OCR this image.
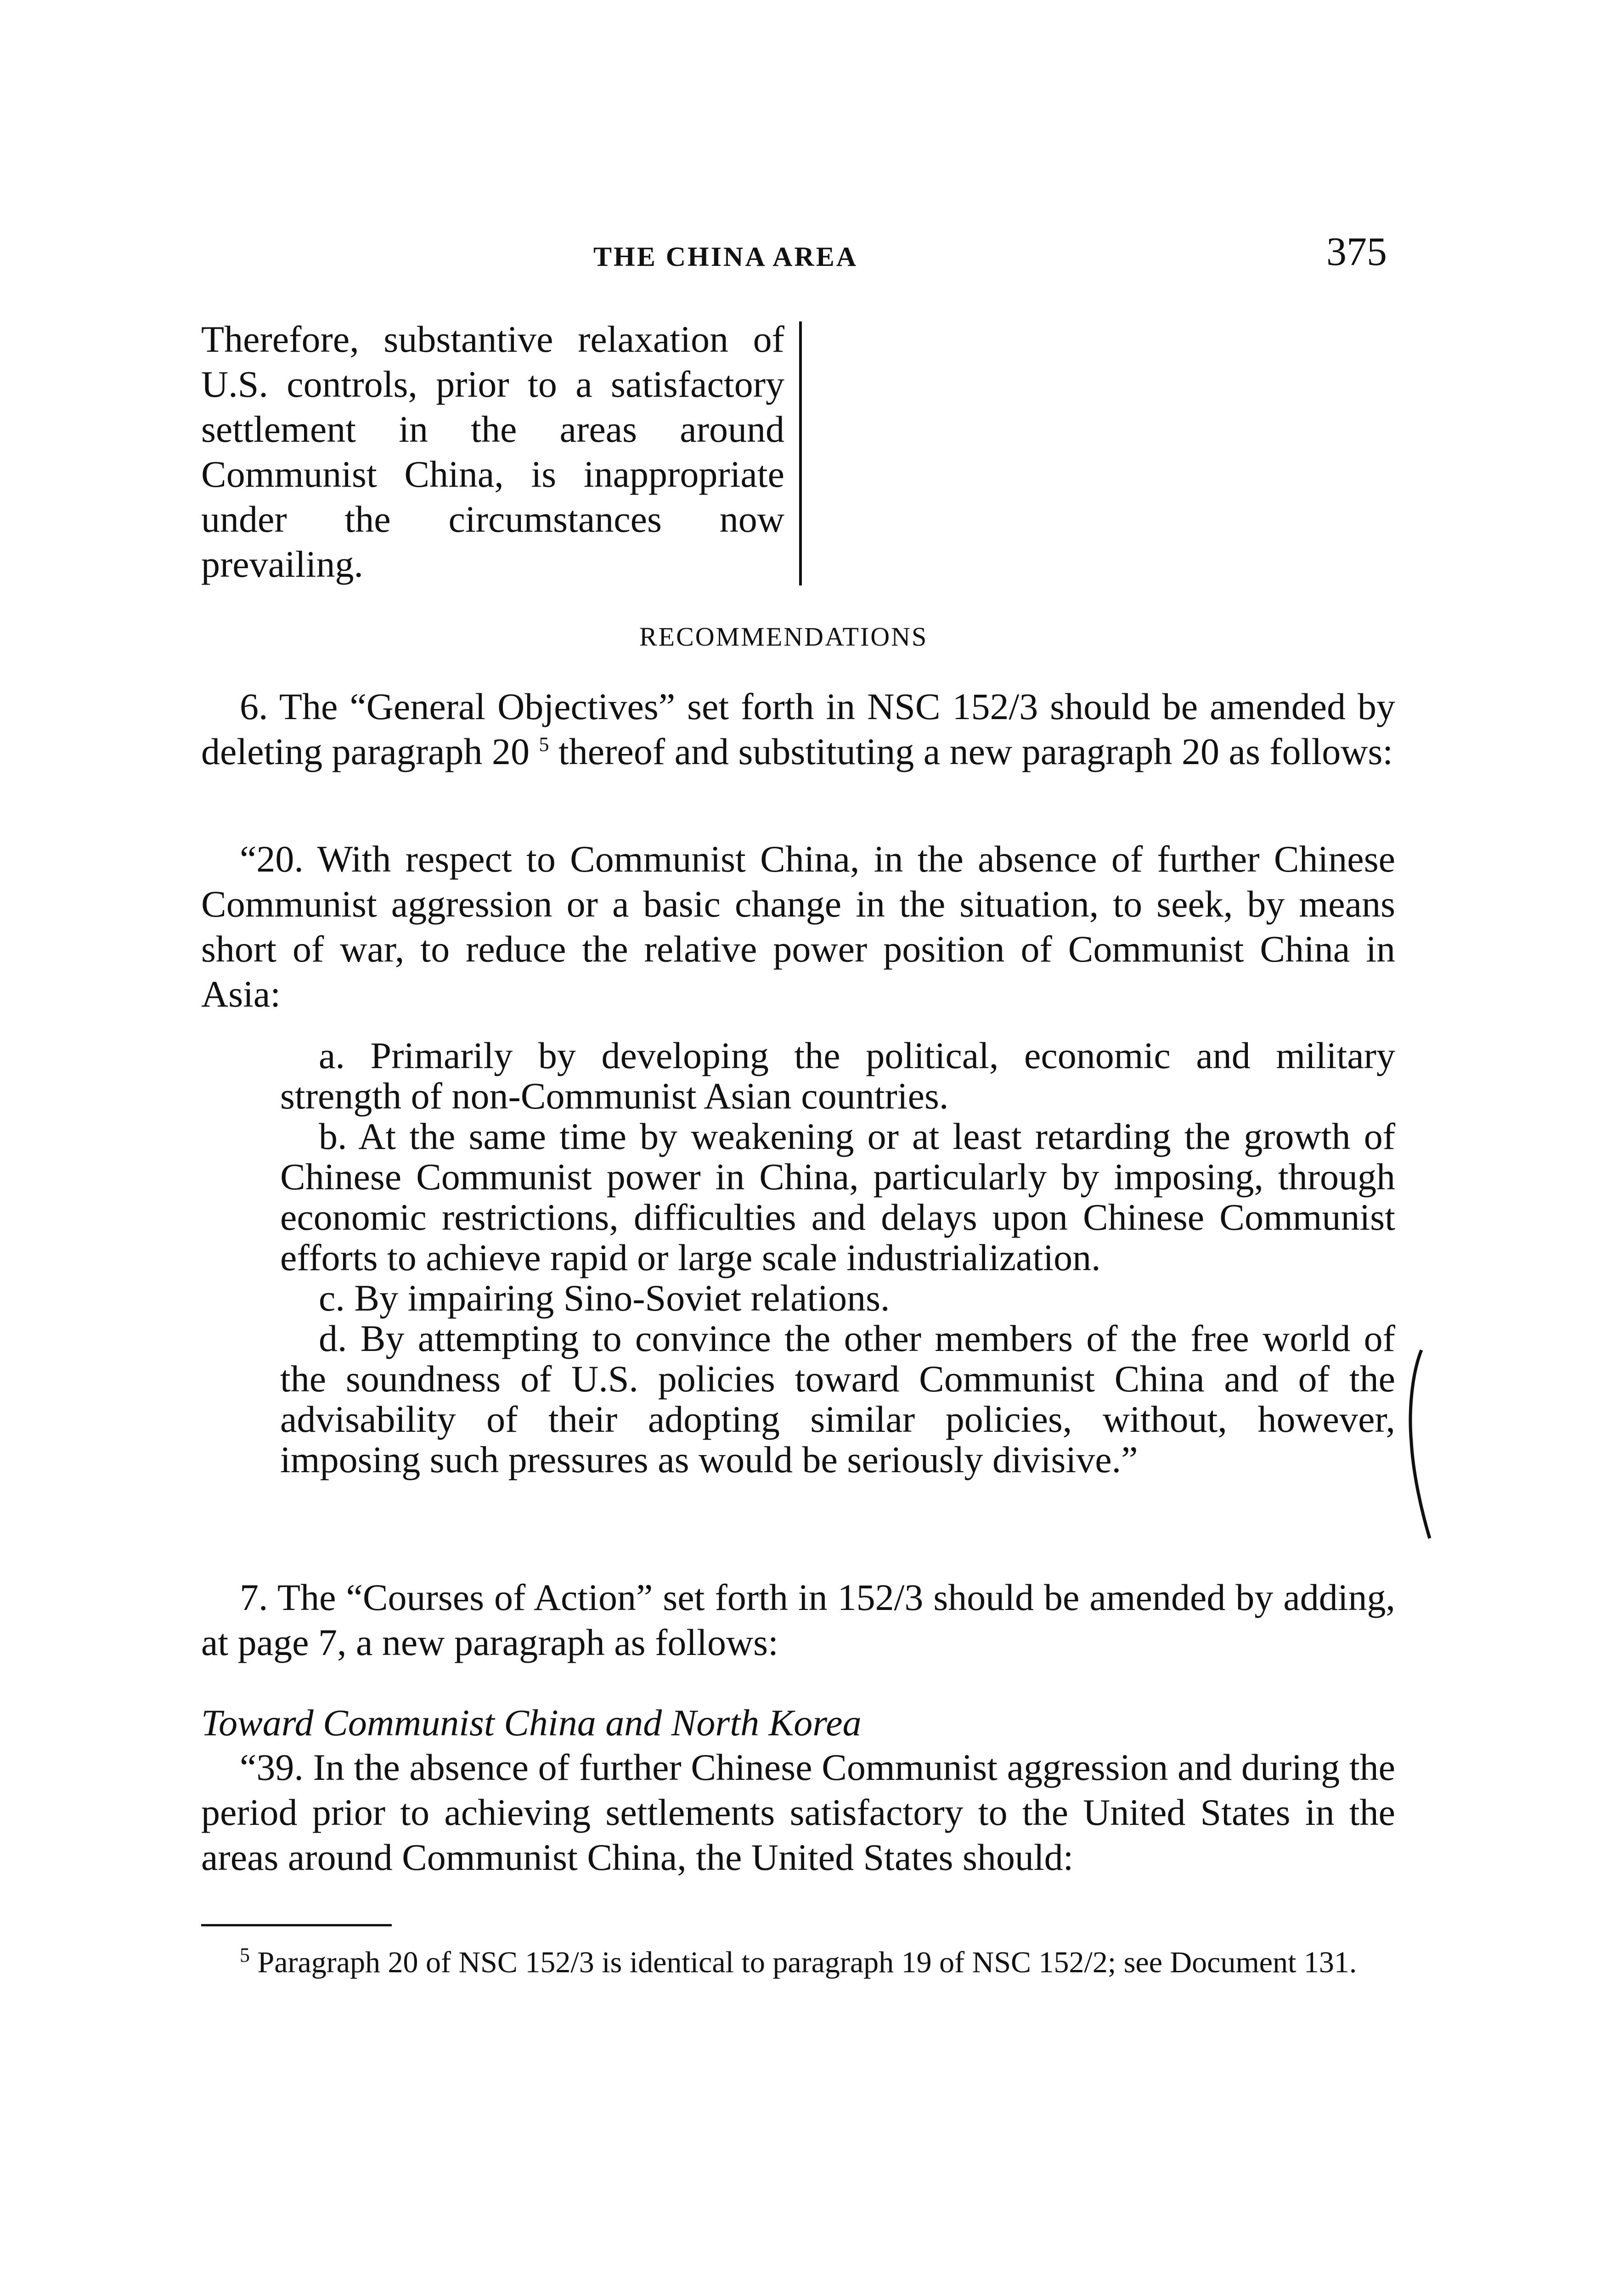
THE CHINA AREA	375

Therefore, substantive relaxation of U.S. controls, prior to a satisfactory settlement in the areas around Communist China, is inappropriate under the circumstances now prevailing.

RECOMMENDATIONS

6. The “General Objectives” set forth in NSC 152/3 should be amended by deleting paragraph 20 $^5$ thereof and substituting a new paragraph 20 as follows:

“20. With respect to Communist China, in the absence of further Chinese Communist aggression or a basic change in the situation, to seek, by means short of war, to reduce the relative power position of Communist China in Asia:

a. Primarily by developing the political, economic and military strength of non-Communist Asian countries.

b. At the same time by weakening or at least retarding the growth of Chinese Communist power in China, particularly by imposing, through economic restrictions, difficulties and delays upon Chinese Communist efforts to achieve rapid or large scale industrialization.

c. By impairing Sino-Soviet relations.

d. By attempting to convince the other members of the free world of the soundness of U.S. policies toward Communist China and of the advisability of their adopting similar policies, without, however, imposing such pressures as would be seriously divisive.”

7. The “Courses of Action” set forth in 152/3 should be amended by adding, at page 7, a new paragraph as follows:

Toward Communist China and North Korea

“39. In the absence of further Chinese Communist aggression and during the period prior to achieving settlements satisfactory to the United States in the areas around Communist China, the United States should:

$^5$ Paragraph 20 of NSC 152/3 is identical to paragraph 19 of NSC 152/2; see Document 131.
